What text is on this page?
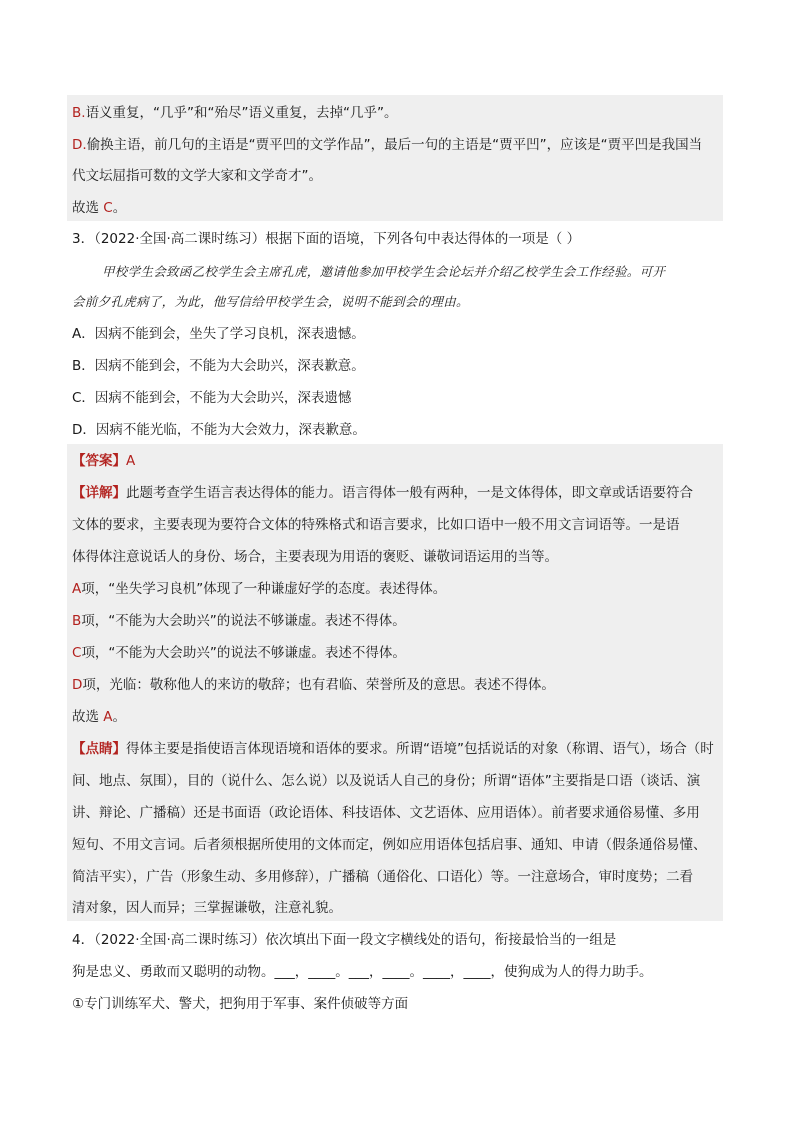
B.语义重复，“几乎”和“殆尽”语义重复，去掉“几乎”。
D.偷换主语，前几句的主语是“贾平凹的文学作品”，最后一句的主语是“贾平凹”，应该是“贾平凹是我国当
代文坛屈指可数的文学大家和文学奇才”。
故选 C。
3．（2022·全国·高二课时练习）根据下面的语境，下列各句中表达得体的一项是（ ）
甲校学生会致函乙校学生会主席孔虎，邀请他参加甲校学生会论坛并介绍乙校学生会工作经验。可开
会前夕孔虎病了，为此，他写信给甲校学生会，说明不能到会的理由。
A．因病不能到会，坐失了学习良机，深表遗憾。
B．因病不能到会，不能为大会助兴，深表歉意。
C．因病不能到会，不能为大会助兴，深表遗憾
D．因病不能光临，不能为大会效力，深表歉意。
【答案】A
【详解】此题考查学生语言表达得体的能力。语言得体一般有两种，一是文体得体，即文章或话语要符合
文体的要求，主要表现为要符合文体的特殊格式和语言要求，比如口语中一般不用文言词语等。一是语
体得体注意说话人的身份、场合，主要表现为用语的褒贬、谦敬词语运用的当等。
A项，“坐失学习良机”体现了一种谦虚好学的态度。表述得体。
B项，“不能为大会助兴”的说法不够谦虚。表述不得体。
C项，“不能为大会助兴”的说法不够谦虚。表述不得体。
D项，光临：敬称他人的来访的敬辞；也有君临、荣誉所及的意思。表述不得体。
故选 A。
【点睛】得体主要是指使语言体现语境和语体的要求。所谓“语境”包括说话的对象（称谓、语气），场合（时
间、地点、氛围），目的（说什么、怎么说）以及说话人自己的身份；所谓“语体”主要指是口语（谈话、演
讲、辩论、广播稿）还是书面语（政论语体、科技语体、文艺语体、应用语体）。前者要求通俗易懂、多用
短句、不用文言词。后者须根据所使用的文体而定，例如应用语体包括启事、通知、申请（假条通俗易懂、
简洁平实），广告（形象生动、多用修辞），广播稿（通俗化、口语化）等。一注意场合，审时度势；二看
清对象，因人而异；三掌握谦敬，注意礼貌。
4．（2022·全国·高二课时练习）依次填出下面一段文字横线处的语句，衔接最恰当的一组是
狗是忠义、勇敢而又聪明的动物。___，____。___，____。____，____，使狗成为人的得力助手。
①专门训练军犬、警犬，把狗用于军事、案件侦破等方面
